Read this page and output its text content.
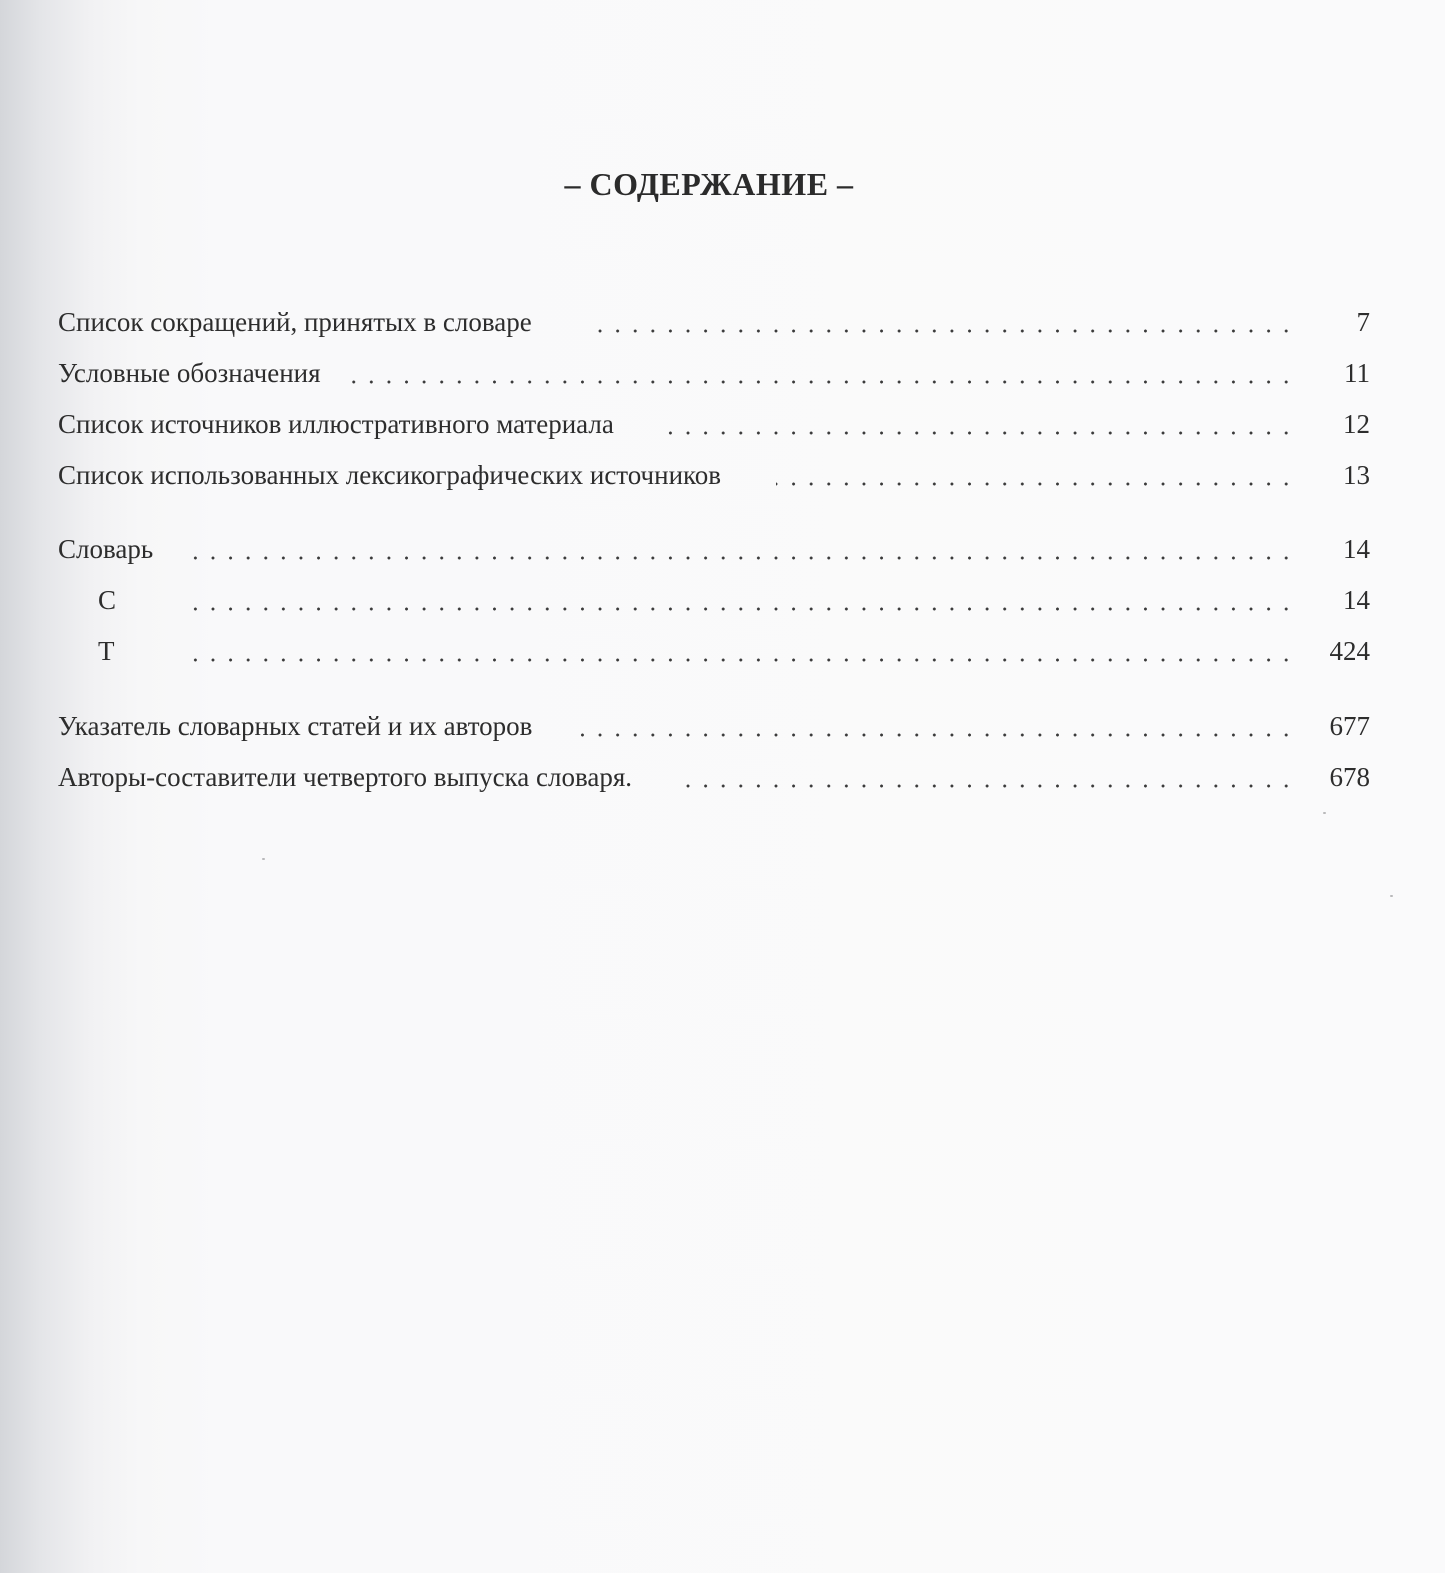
– СОДЕРЖАНИЕ –
Список сокращений, принятых в словаре	7
Условные обозначения	11
Список источников иллюстративного материала	12
Список использованных лексикографических источников	13
Словарь	14
С	14
Т	424
Указатель словарных статей и их авторов	677
Авторы-составители четвертого выпуска словаря.	678
